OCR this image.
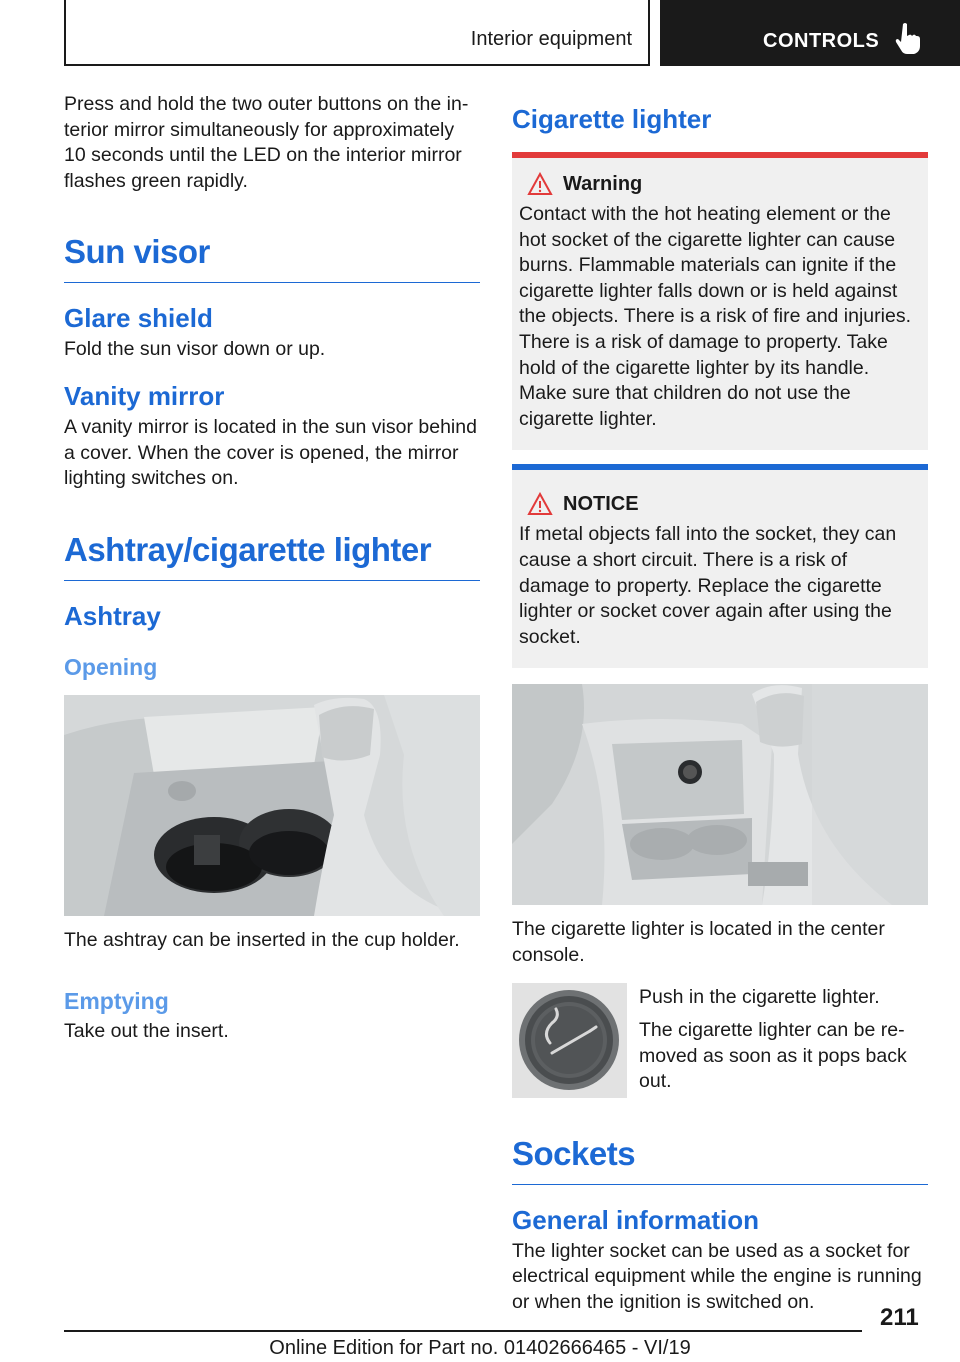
Interior equipment	CONTROLS

Press and hold the two outer buttons on the interior mirror simultaneously for approximately 10 seconds until the LED on the interior mirror flashes green rapidly.

Sun visor
Glare shield

Fold the sun visor down or up.

Vanity mirror

A vanity mirror is located in the sun visor behind a cover. When the cover is opened, the mirror lighting switches on.

Ashtray/cigarette lighter
Ashtray
Opening

The ashtray can be inserted in the cup holder.

Emptying

Take out the insert.

Cigarette lighter
Warning

Contact with the hot heating element or the hot socket of the cigarette lighter can cause burns. Flammable materials can ignite if the cigarette lighter falls down or is held against the objects. There is a risk of fire and injuries. There is a risk of damage to property. Take hold of the cigarette lighter by its handle. Make sure that children do not use the cigarette lighter.

NOTICE

If metal objects fall into the socket, they can cause a short circuit. There is a risk of damage to property. Replace the cigarette lighter or socket cover again after using the socket.

The cigarette lighter is located in the center console.

Push in the cigarette lighter.

The cigarette lighter can be removed as soon as it pops back out.

Sockets
General information

The lighter socket can be used as a socket for electrical equipment while the engine is running or when the ignition is switched on.

211
Online Edition for Part no. 01402666465 - VI/19
